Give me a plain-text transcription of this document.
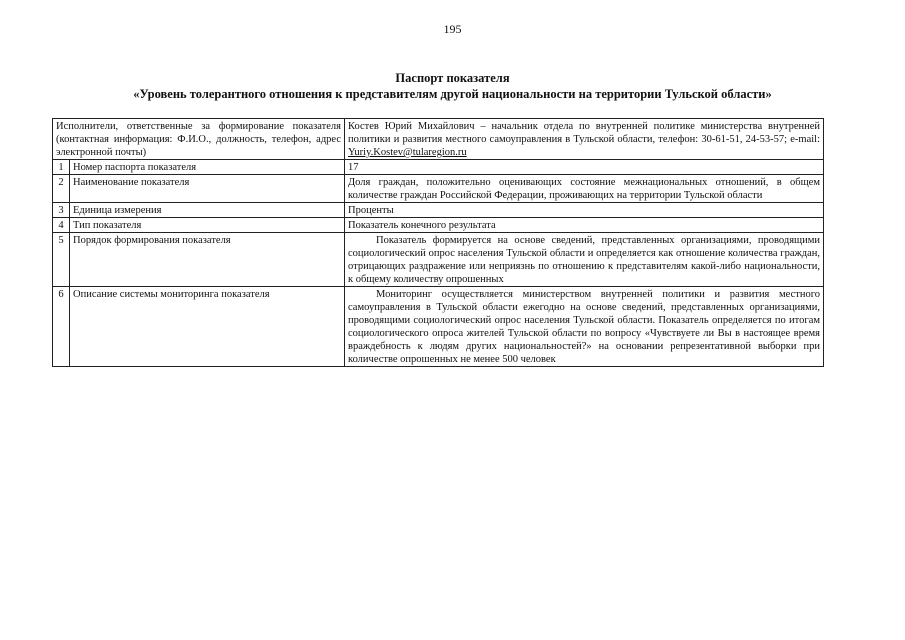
195
Паспорт показателя
«Уровень толерантного отношения к представителям другой национальности на территории Тульской области»
Исполнители, ответственные за формирование показателя (контактная информация: Ф.И.О., должность, телефон, адрес электронной почты)		Костев Юрий Михайлович – начальник отдела по внутренней политике министерства внутренней политики и развития местного самоуправления в Тульской области, телефон: 30-61-51, 24-53-57; e-mail: Yuriy.Kostev@tularegion.ru
1	Номер паспорта показателя	17
2	Наименование показателя	Доля граждан, положительно оценивающих состояние межнациональных отношений, в общем количестве граждан Российской Федерации, проживающих на территории Тульской области
3	Единица измерения	Проценты
4	Тип показателя	Показатель конечного результата
5	Порядок формирования показателя	Показатель формируется на основе сведений, представленных организациями, проводящими социологический опрос населения Тульской области и определяется как отношение количества граждан, отрицающих раздражение или неприязнь по отношению к представителям какой-либо национальности, к общему количеству опрошенных
6	Описание системы мониторинга показателя	Мониторинг осуществляется министерством внутренней политики и развития местного самоуправления в Тульской области ежегодно на основе сведений, представленных организациями, проводящими социологический опрос населения Тульской области. Показатель определяется по итогам социологического опроса жителей Тульской области по вопросу «Чувствуете ли Вы в настоящее время враждебность к людям других национальностей?» на основании репрезентативной выборки при количестве опрошенных не менее 500 человек
